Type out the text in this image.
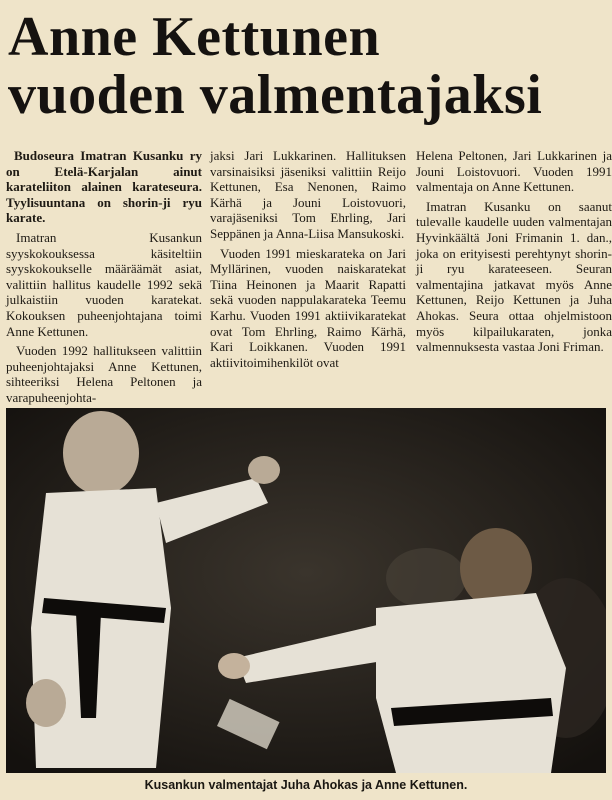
Anne Kettunen
vuoden valmentajaksi

Budoseura Imatran Kusanku ry on Etelä-Karjalan ainut karateliiton alainen karateseura. Tyylisuuntana on shorin-ji ryu karate.

Imatran Kusankun syyskokouksessa käsiteltiin syyskokoukselle määräämät asiat, valittiin hallitus kaudelle 1992 sekä julkaistiin vuoden karatekat. Kokouksen puheenjohtajana toimi Anne Kettunen.

Vuoden 1992 hallitukseen valittiin puheenjohtajaksi Anne Kettunen, sihteeriksi Helena Peltonen ja varapuheenjohta-

jaksi Jari Lukkarinen. Hallituksen varsinaisiksi jäseniksi valittiin Reijo Kettunen, Esa Nenonen, Raimo Kärhä ja Jouni Loistovuori, varajäseniksi Tom Ehrling, Jari Seppänen ja Anna-Liisa Mansukoski.

Vuoden 1991 mieskarateka on Jari Myllärinen, vuoden naiskaratekat Tiina Heinonen ja Maarit Rapatti sekä vuoden nappulakarateka Teemu Karhu. Vuoden 1991 aktiivikaratekat ovat Tom Ehrling, Raimo Kärhä, Kari Loikkanen. Vuoden 1991 aktiivitoimihenkilöt ovat

Helena Peltonen, Jari Lukkarinen ja Jouni Loistovuori. Vuoden 1991 valmentaja on Anne Kettunen.

Imatran Kusanku on saanut tulevalle kaudelle uuden valmentajan Hyvinkäältä Joni Frimanin 1. dan., joka on erityisesti perehtynyt shorin-ji ryu karateeseen. Seuran valmentajina jatkavat myös Anne Kettunen, Reijo Kettunen ja Juha Ahokas. Seura ottaa ohjelmistoon myös kilpailukaraten, jonka valmennuksesta vastaa Joni Friman.

Kusankun valmentajat Juha Ahokas ja Anne Kettunen.
